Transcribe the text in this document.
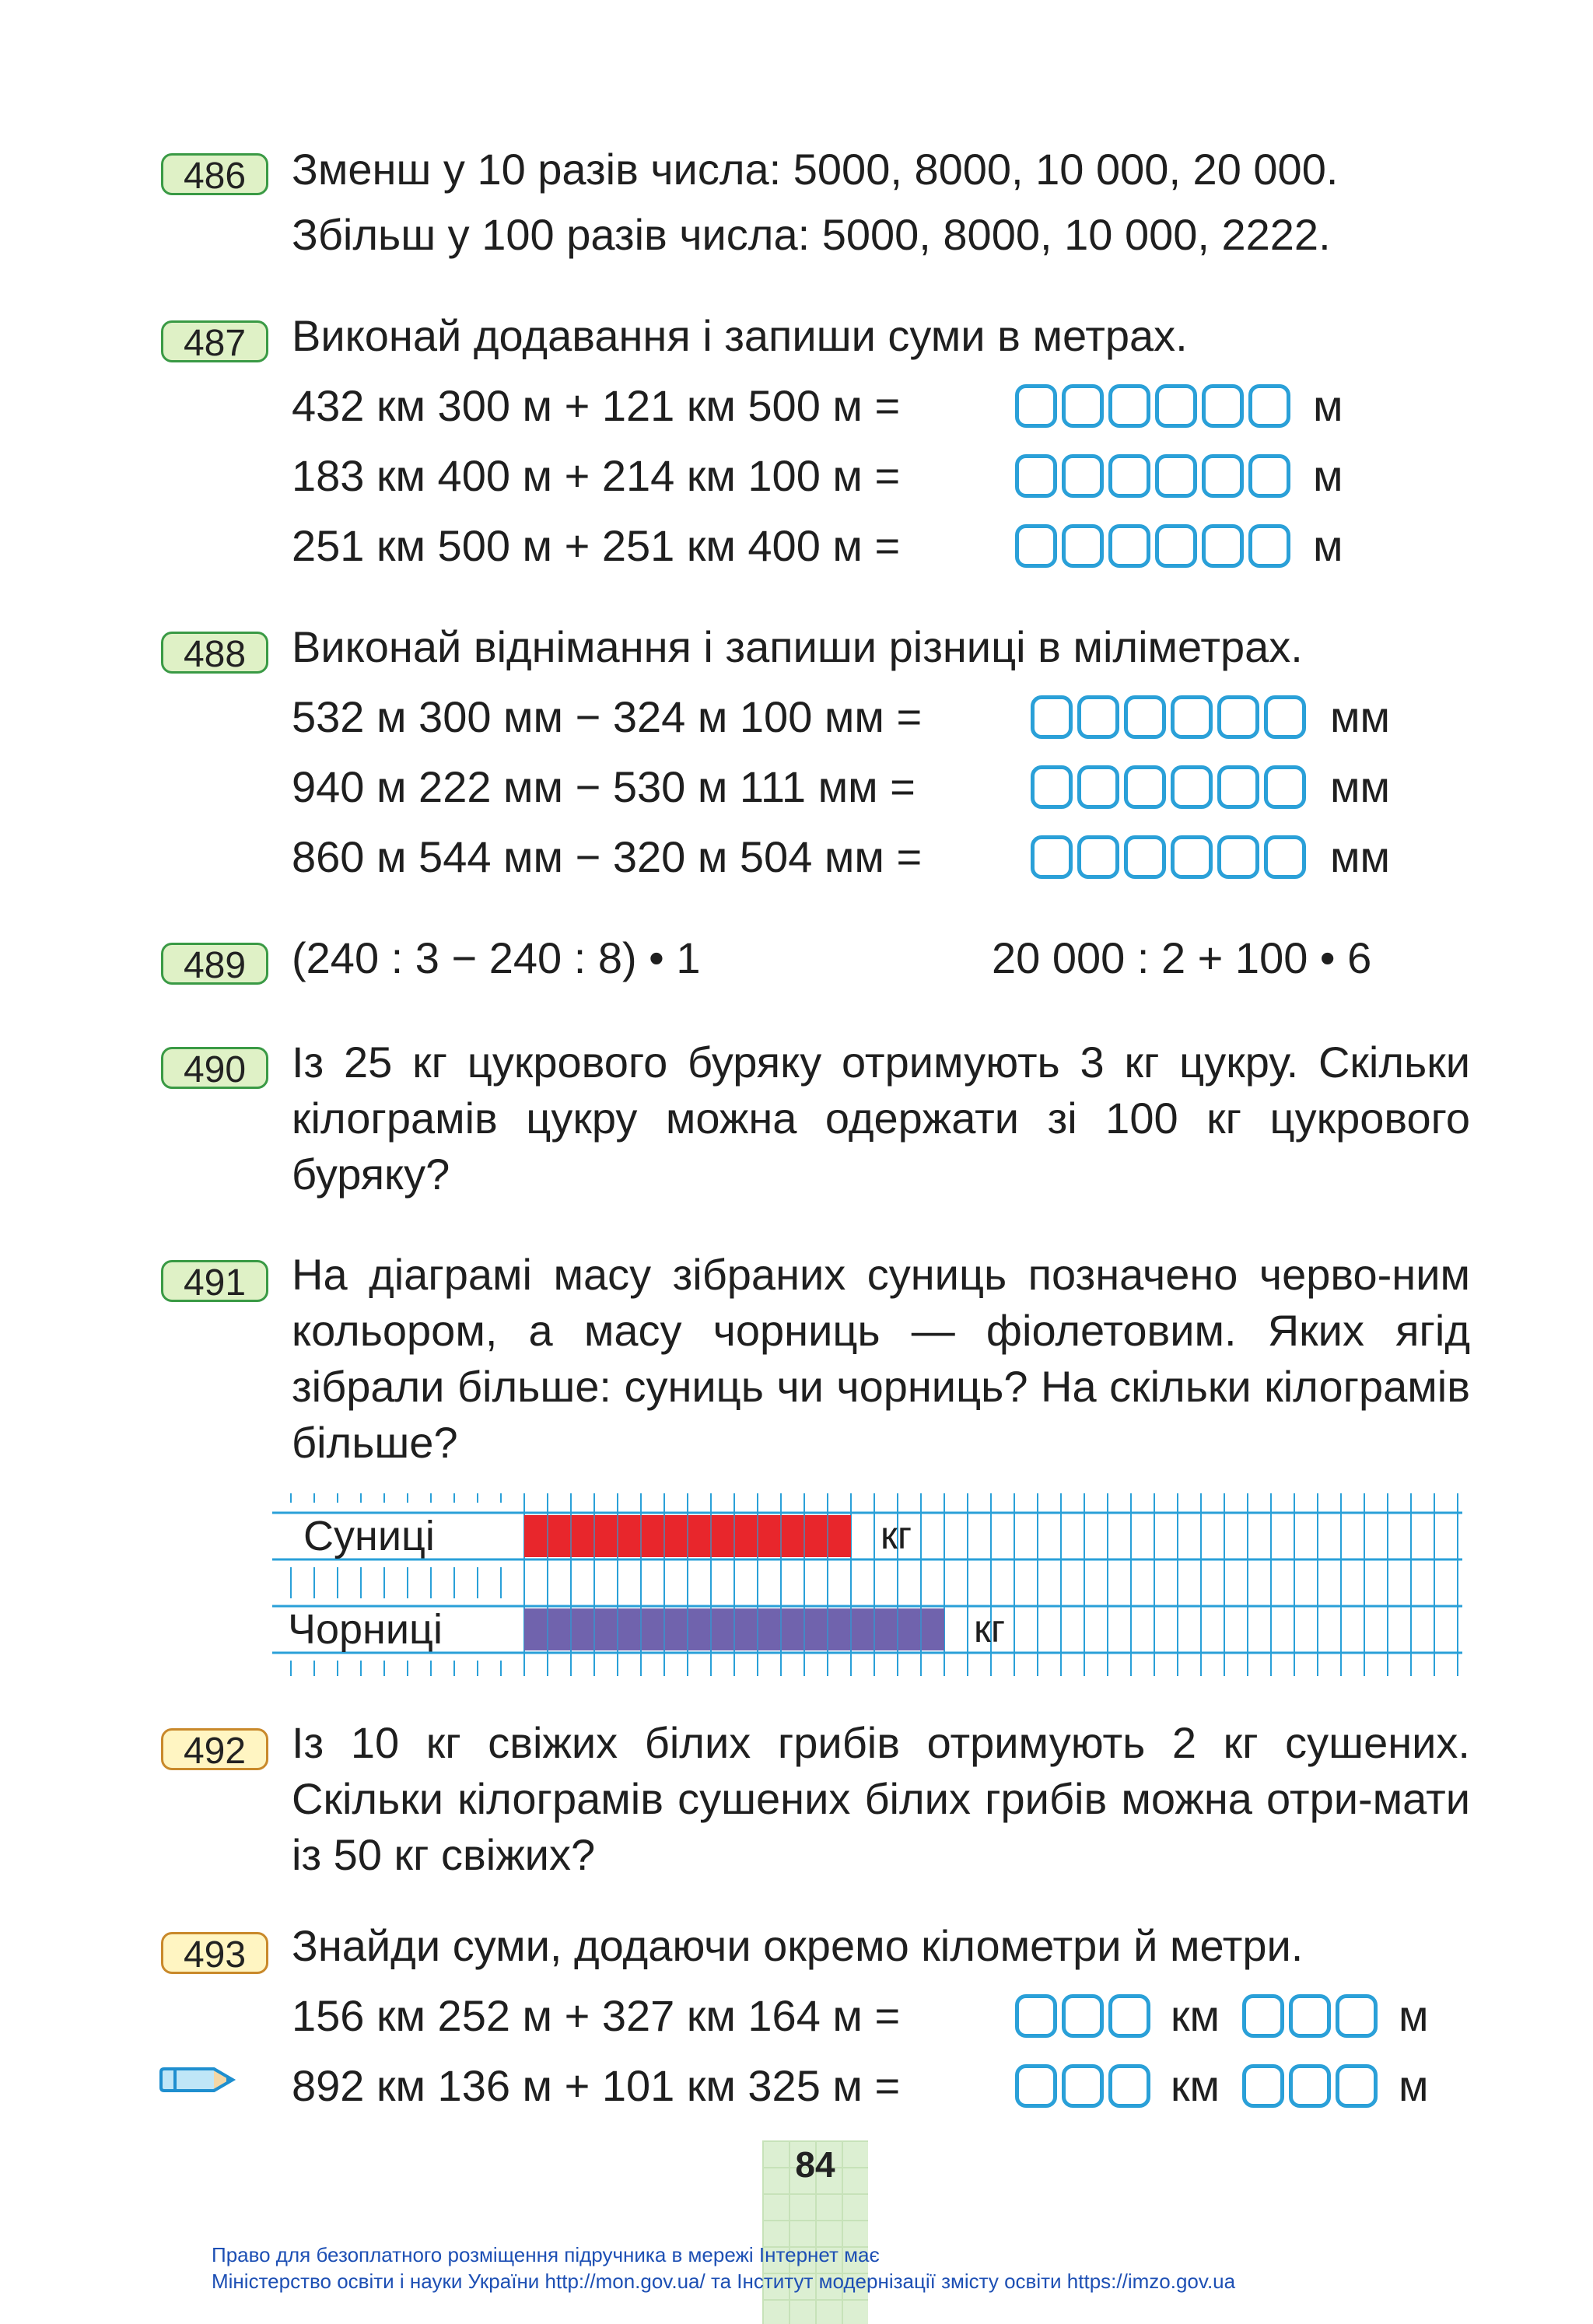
486	Зменш у 10 разів числа: 5000, 8000, 10 000, 20 000.
Збільш у 100 разів числа: 5000, 8000, 10 000, 2222.
487	Виконай додавання і запиши суми в метрах.
432 км 300 м + 121 км 500 м =	м
183 км 400 м + 214 км 100 м =	м
251 км 500 м + 251 км 400 м =	м
488	Виконай віднімання і запиши різниці в міліметрах.
532 м 300 мм − 324 м 100 мм =	мм
940 м 222 мм − 530 м 111 мм =	мм
860 м 544 мм − 320 м 504 мм =	мм
489	(240 : 3 − 240 : 8) • 1	20 000 : 2 + 100 • 6
490	Із 25 кг цукрового буряку отримують 3 кг цукру. Скільки кілограмів цукру можна одержати зі 100 кг цукрового буряку?
491	На діаграмі масу зібраних суниць позначено черво-ним кольором, а масу чорниць — фіолетовим. Яких ягід зібрали більше: суниць чи чорниць? На скільки кілограмів більше?
Суниці	кг
Чорниці	кг
492	Із 10 кг свіжих білих грибів отримують 2 кг сушених. Скільки кілограмів сушених білих грибів можна отри-мати із 50 кг свіжих?
493	Знайди суми, додаючи окремо кілометри й метри.
156 км 252 м + 327 км 164 м =	км	м
892 км 136 м + 101 км 325 м =	км	м
84
Право для безоплатного розміщення підручника в мережі Інтернет має
Міністерство освіти і науки України http://mon.gov.ua/ та Інститут модернізації змісту освіти https://imzo.gov.ua
